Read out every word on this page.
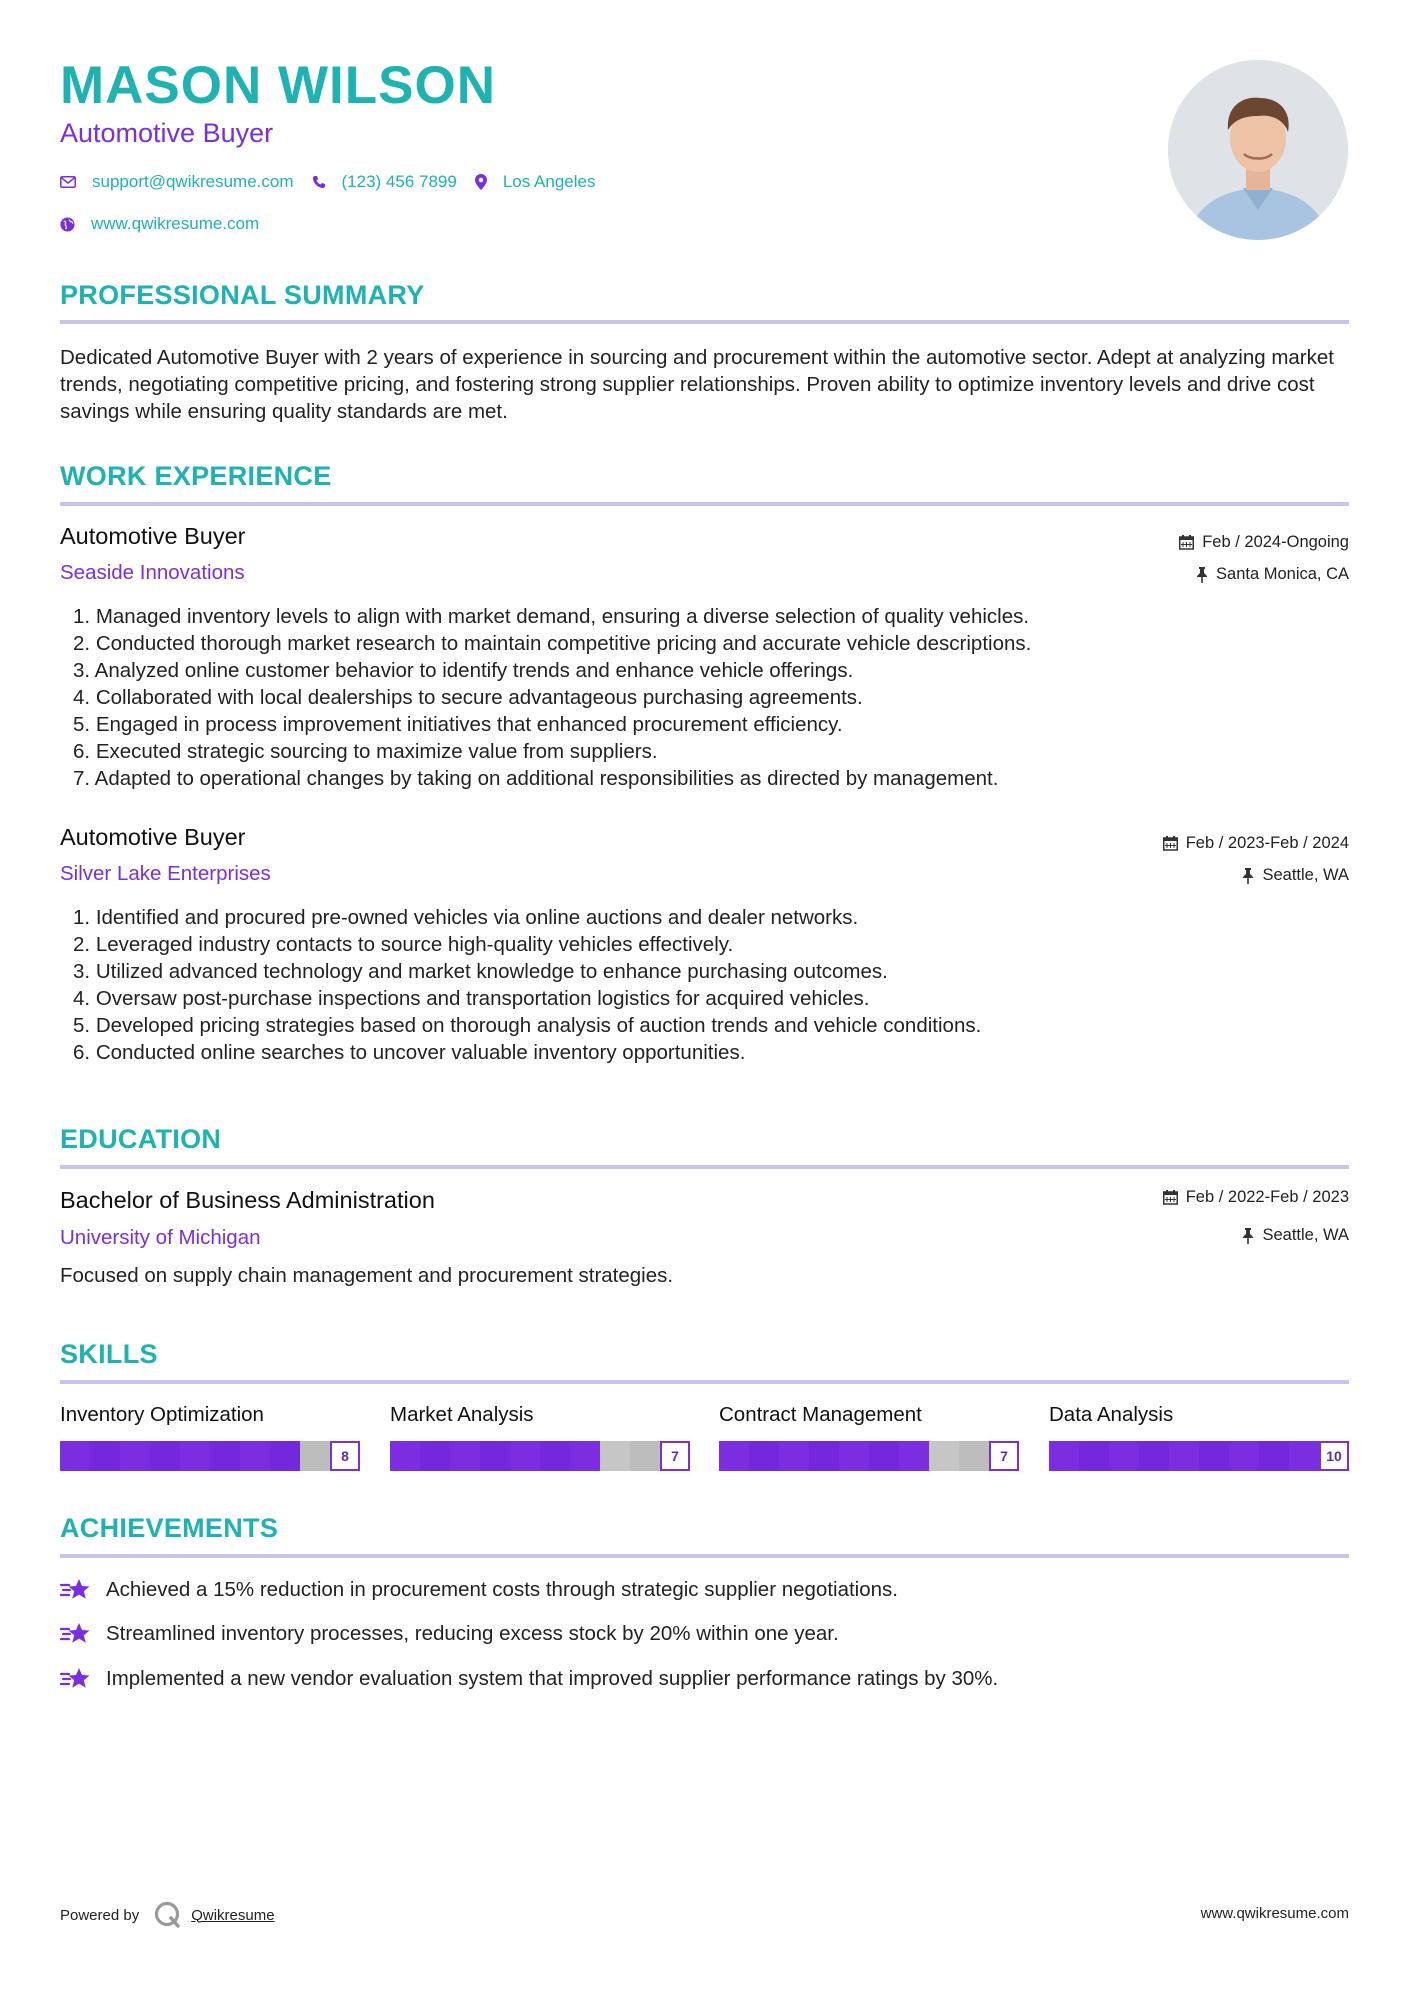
MASON WILSON
Automotive Buyer
support@qwikresume.com	(123) 456 7899	Los Angeles
www.qwikresume.com
PROFESSIONAL SUMMARY
Dedicated Automotive Buyer with 2 years of experience in sourcing and procurement within the automotive sector. Adept at analyzing market trends, negotiating competitive pricing, and fostering strong supplier relationships. Proven ability to optimize inventory levels and drive cost savings while ensuring quality standards are met.
WORK EXPERIENCE
Automotive Buyer
Seaside Innovations
Feb / 2024-Ongoing
Santa Monica, CA
Managed inventory levels to align with market demand, ensuring a diverse selection of quality vehicles.
Conducted thorough market research to maintain competitive pricing and accurate vehicle descriptions.
Analyzed online customer behavior to identify trends and enhance vehicle offerings.
Collaborated with local dealerships to secure advantageous purchasing agreements.
Engaged in process improvement initiatives that enhanced procurement efficiency.
Executed strategic sourcing to maximize value from suppliers.
Adapted to operational changes by taking on additional responsibilities as directed by management.
Automotive Buyer
Silver Lake Enterprises
Feb / 2023-Feb / 2024
Seattle, WA
Identified and procured pre-owned vehicles via online auctions and dealer networks.
Leveraged industry contacts to source high-quality vehicles effectively.
Utilized advanced technology and market knowledge to enhance purchasing outcomes.
Oversaw post-purchase inspections and transportation logistics for acquired vehicles.
Developed pricing strategies based on thorough analysis of auction trends and vehicle conditions.
Conducted online searches to uncover valuable inventory opportunities.
EDUCATION
Bachelor of Business Administration
University of Michigan
Feb / 2022-Feb / 2023
Seattle, WA
Focused on supply chain management and procurement strategies.
SKILLS
Inventory Optimization
8
Market Analysis
7
Contract Management
7
Data Analysis
10
ACHIEVEMENTS
Achieved a 15% reduction in procurement costs through strategic supplier negotiations.
Streamlined inventory processes, reducing excess stock by 20% within one year.
Implemented a new vendor evaluation system that improved supplier performance ratings by 30%.
Powered by	Qwikresume	www.qwikresume.com
